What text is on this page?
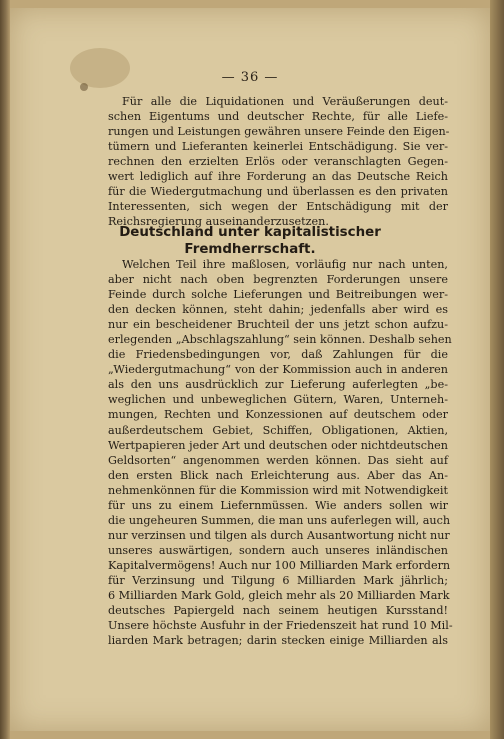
— 36 —
Für alle die Liquidationen und Veräußerungen deut-
schen Eigentums und deutscher Rechte, für alle Liefe-
rungen und Leistungen gewähren unsere Feinde den Eigen-
tümern und Lieferanten keinerlei Entschädigung. Sie ver-
rechnen den erzielten Erlös oder veranschlagten Gegen-
wert lediglich auf ihre Forderung an das Deutsche Reich
für die Wiedergutmachung und überlassen es den privaten
Interessenten, sich wegen der Entschädigung mit der
Reichsregierung auseinanderzusetzen.
Deutschland unter kapitalistischer
Fremdherrschaft.
Welchen Teil ihre maßlosen, vorläufig nur nach unten,
aber nicht nach oben begrenzten Forderungen unsere
Feinde durch solche Lieferungen und Beitreibungen wer-
den decken können, steht dahin; jedenfalls aber wird es
nur ein bescheidener Bruchteil der uns jetzt schon aufzu-
erlegenden „Abschlagszahlung“ sein können. Deshalb sehen
die Friedensbedingungen vor, daß Zahlungen für die
„Wiedergutmachung“ von der Kommission auch in anderen
als den uns ausdrücklich zur Lieferung auferlegten „be-
weglichen und unbeweglichen Gütern, Waren, Unterneh-
mungen, Rechten und Konzessionen auf deutschem oder
außerdeutschem Gebiet, Schiffen, Obligationen, Aktien,
Wertpapieren jeder Art und deutschen oder nichtdeutschen
Geldsorten“ angenommen werden können. Das sieht auf
den ersten Blick nach Erleichterung aus. Aber das An-
nehmenkönnen für die Kommission wird mit Notwendigkeit
für uns zu einem Liefernmüssen. Wie anders sollen wir
die ungeheuren Summen, die man uns auferlegen will, auch
nur verzinsen und tilgen als durch Ausantwortung nicht nur
unseres auswärtigen, sondern auch unseres inländischen
Kapitalvermögens! Auch nur 100 Milliarden Mark erfordern
für Verzinsung und Tilgung 6 Milliarden Mark jährlich;
6 Milliarden Mark Gold, gleich mehr als 20 Milliarden Mark
deutsches Papiergeld nach seinem heutigen Kursstand!
Unsere höchste Ausfuhr in der Friedenszeit hat rund 10 Mil-
liarden Mark betragen; darin stecken einige Milliarden als
